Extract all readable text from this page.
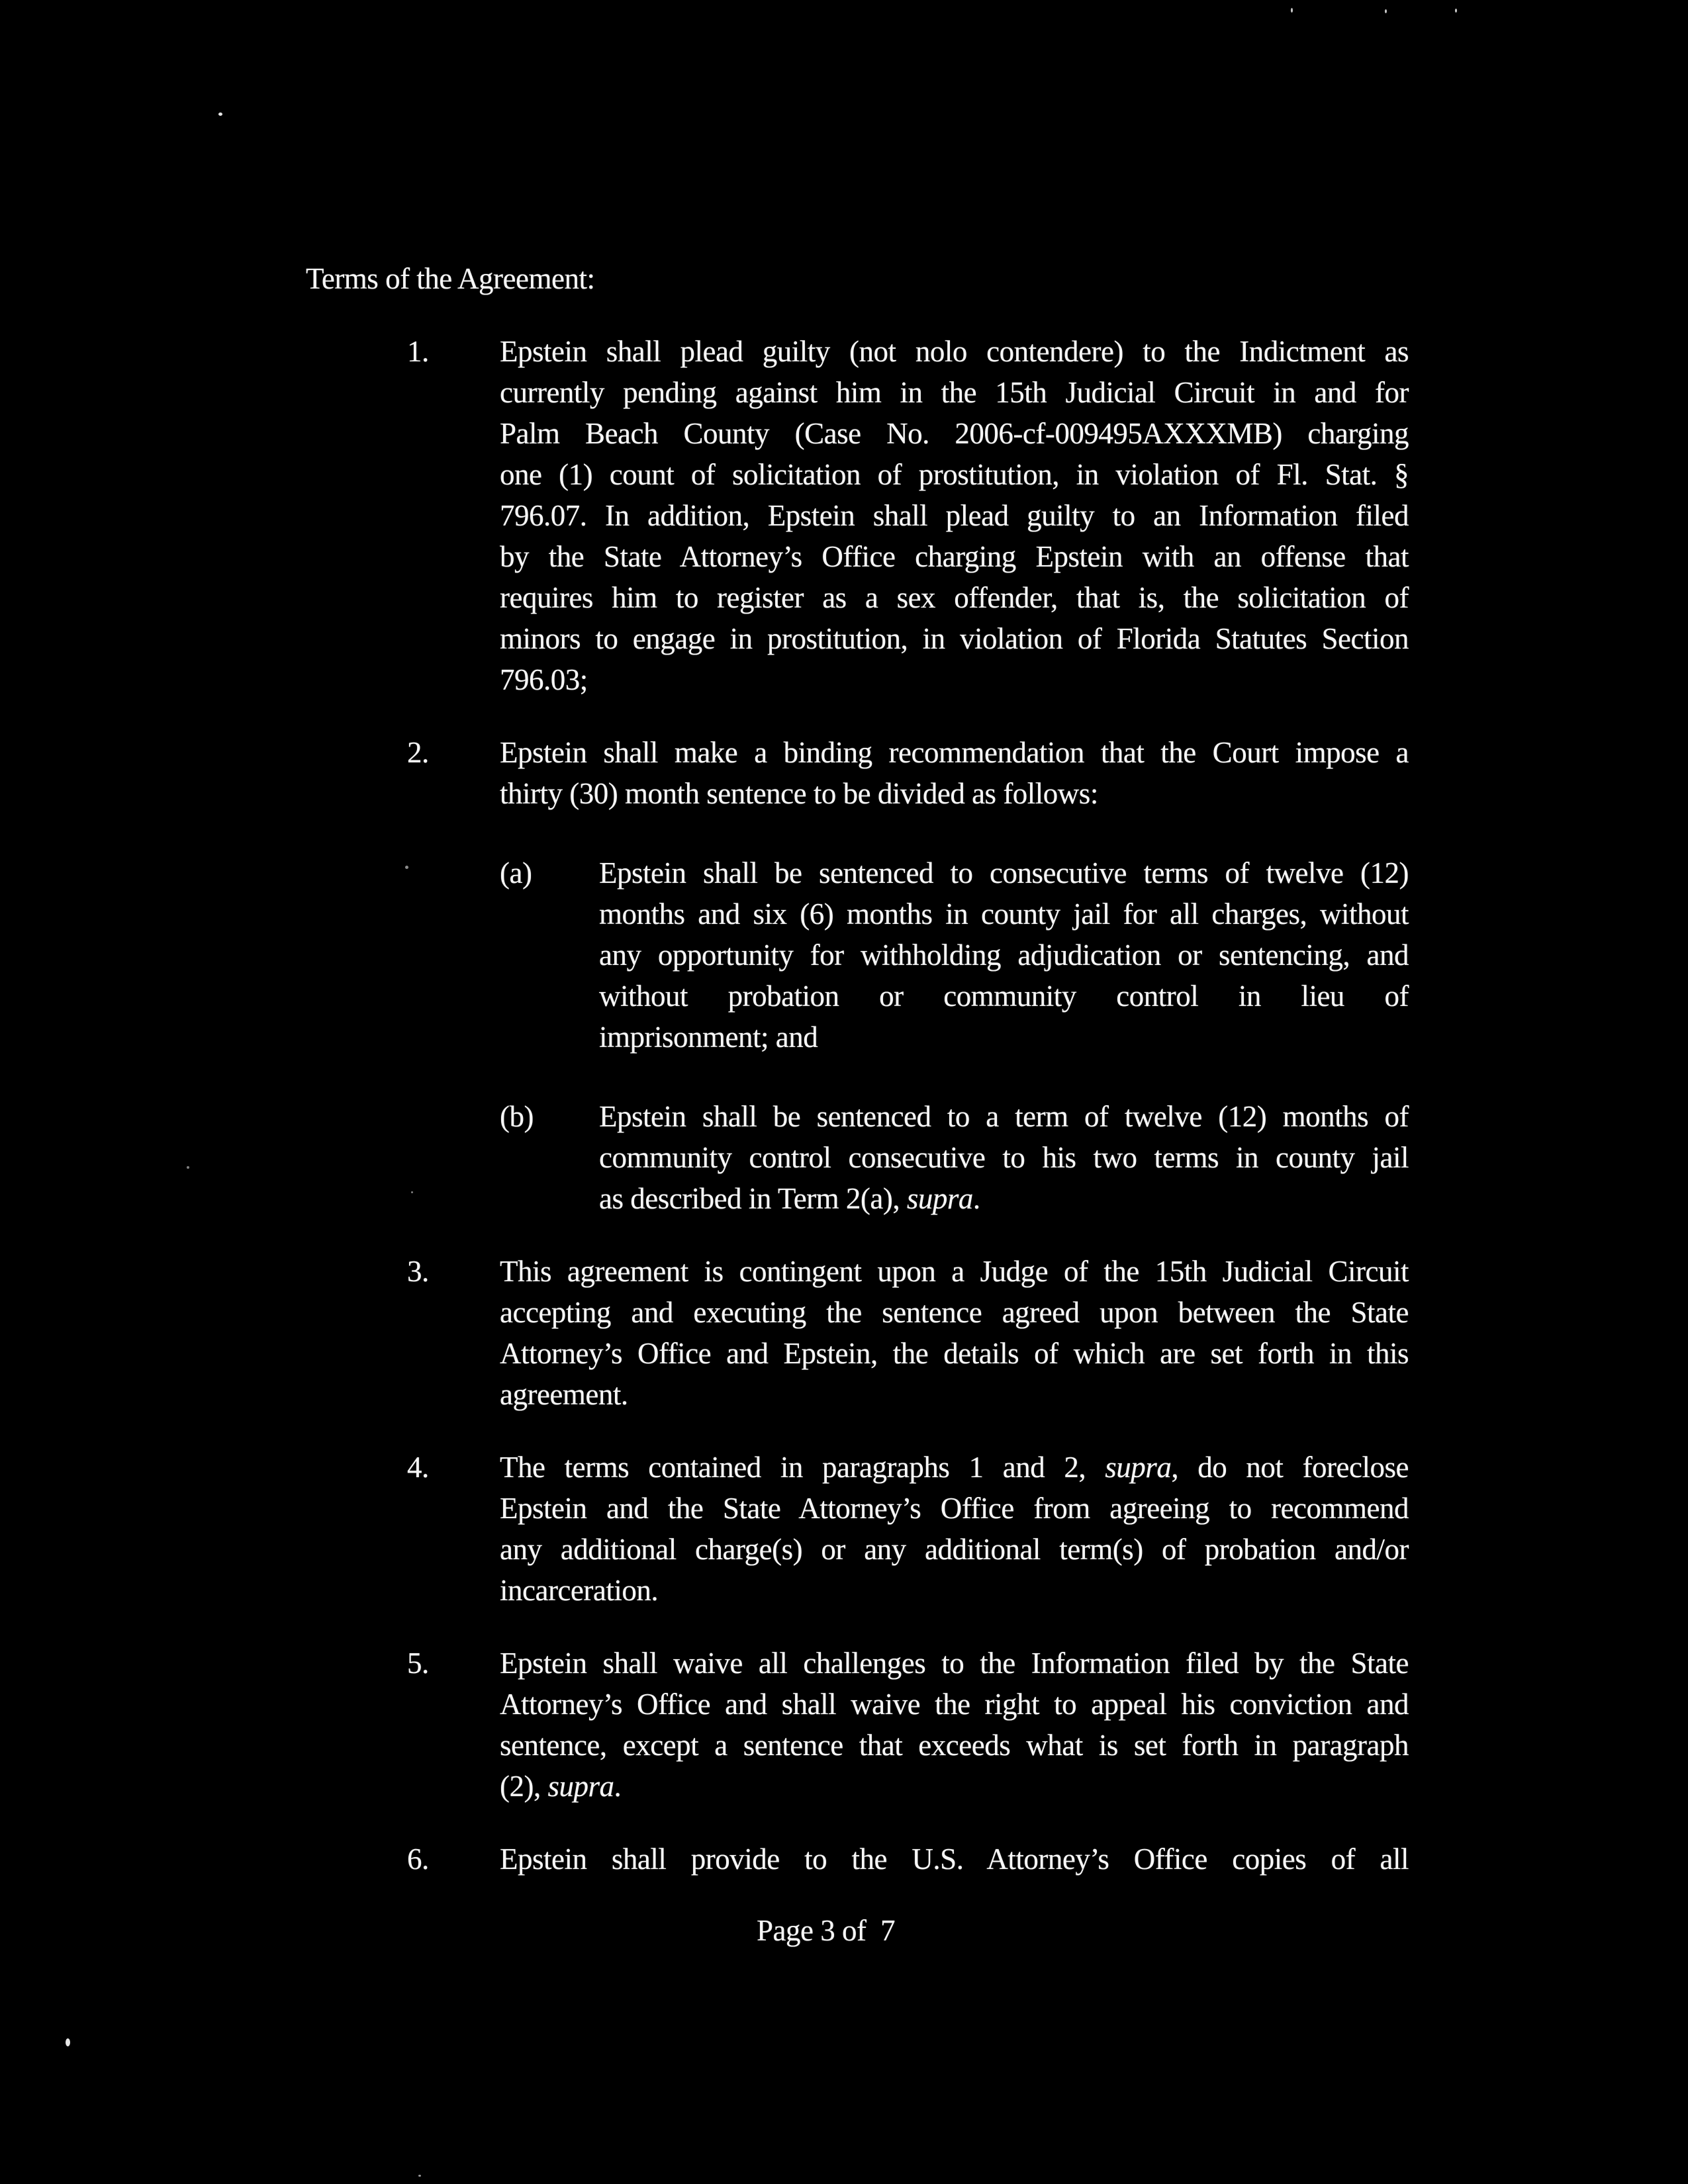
Terms of the Agreement:
1.	Epstein shall plead guilty (not nolo contendere) to the Indictment as
currently pending against him in the 15th Judicial Circuit in and for
Palm Beach County (Case No. 2006-cf-009495AXXXMB) charging
one (1) count of solicitation of prostitution, in violation of Fl. Stat. §
796.07. In addition, Epstein shall plead guilty to an Information filed
by the State Attorney’s Office charging Epstein with an offense that
requires him to register as a sex offender, that is, the solicitation of
minors to engage in prostitution, in violation of Florida Statutes Section
796.03;
2.	Epstein shall make a binding recommendation that the Court impose a
thirty (30) month sentence to be divided as follows:
(a)	Epstein shall be sentenced to consecutive terms of twelve (12)
months and six (6) months in county jail for all charges, without
any opportunity for withholding adjudication or sentencing, and
without probation or community control in lieu of
imprisonment; and
(b)	Epstein shall be sentenced to a term of twelve (12) months of
community control consecutive to his two terms in county jail
as described in Term 2(a), supra.
3.	This agreement is contingent upon a Judge of the 15th Judicial Circuit
accepting and executing the sentence agreed upon between the State
Attorney’s Office and Epstein, the details of which are set forth in this
agreement.
4.	The terms contained in paragraphs 1 and 2, supra, do not foreclose
Epstein and the State Attorney’s Office from agreeing to recommend
any additional charge(s) or any additional term(s) of probation and/or
incarceration.
5.	Epstein shall waive all challenges to the Information filed by the State
Attorney’s Office and shall waive the right to appeal his conviction and
sentence, except a sentence that exceeds what is set forth in paragraph
(2), supra.
6.	Epstein shall provide to the U.S. Attorney’s Office copies of all
Page 3 of  7
